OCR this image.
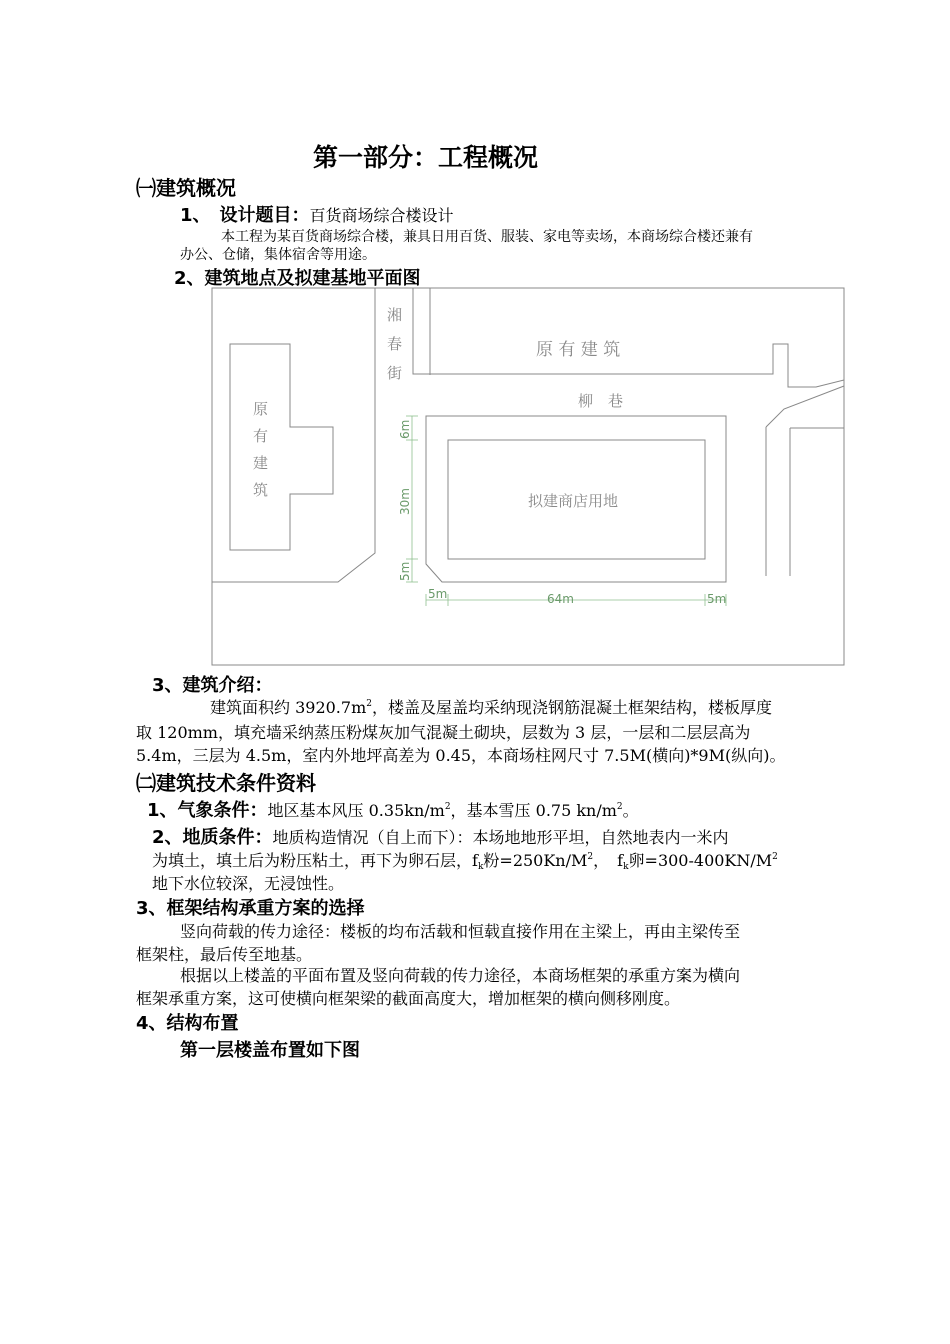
第一部分：工程概况
㈠建筑概况
1、　设计题目：百货商场综合楼设计
本工程为某百货商场综合楼，兼具日用百货、服装、家电等卖场，本商场综合楼还兼有
办公、仓储，集体宿舍等用途。
2、建筑地点及拟建基地平面图
湘
春
街
原 有 建 筑
原
有
建
筑
柳　巷
拟建商店用地
6m
30m
5m
5m	64m	5m
3、建筑介绍：
建筑面积约 $3920.7m^2$，楼盖及屋盖均采纳现浇钢筋混凝土框架结构，楼板厚度
取 120mm，填充墙采纳蒸压粉煤灰加气混凝土砌块，层数为 3 层，一层和二层层高为
5.4m，三层为 4.5m，室内外地坪高差为 0.45，本商场柱网尺寸 7.5M(横向)*9M(纵向)。
㈡建筑技术条件资料
1、气象条件：地区基本风压 $0.35kn/m^2$，基本雪压 0.75 $kn/m^2$。
2、地质条件：地质构造情况（自上而下）：本场地地形平坦，自然地表内一米内
为填土，填土后为粉压粘土，再下为卵石层，$f_k$粉$=250Kn/M^2$，　$f_k$卵$=300-400KN/M^2$
地下水位较深，无浸蚀性。
3、框架结构承重方案的选择
竖向荷载的传力途径：楼板的均布活载和恒载直接作用在主梁上，再由主梁传至
框架柱，最后传至地基。
根据以上楼盖的平面布置及竖向荷载的传力途径，本商场框架的承重方案为横向
框架承重方案，这可使横向框架梁的截面高度大，增加框架的横向侧移刚度。
4、结构布置
第一层楼盖布置如下图
